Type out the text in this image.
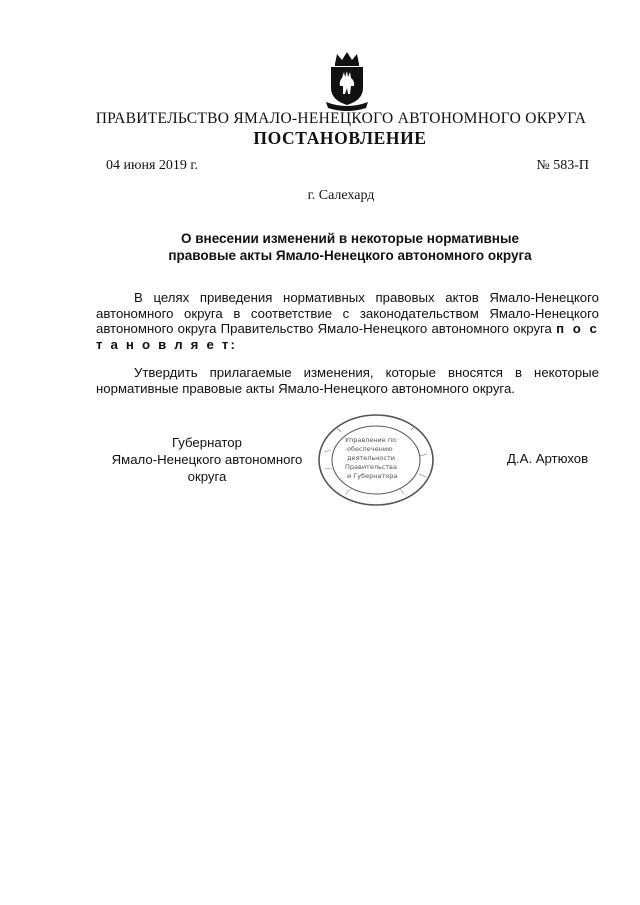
ПРАВИТЕЛЬСТВО ЯМАЛО-НЕНЕЦКОГО АВТОНОМНОГО ОКРУГА
ПОСТАНОВЛЕНИЕ
04 июня 2019 г.	№ 583-П
г. Салехард
О внесении изменений в некоторые нормативные
правовые акты Ямало-Ненецкого автономного округа

В целях приведения нормативных правовых актов Ямало-Ненецкого автономного округа в соответствие с законодательством Ямало-Ненецкого автономного округа Правительство Ямало-Ненецкого автономного округа п о с т а н о в л я е т:

Утвердить прилагаемые изменения, которые вносятся в некоторые нормативные правовые акты Ямало-Ненецкого автономного округа.

Губернатор
Ямало-Ненецкого автономного округа
Управление по
обеспечению
деятельности
Правительства
и Губернатора
Д.А. Артюхов
